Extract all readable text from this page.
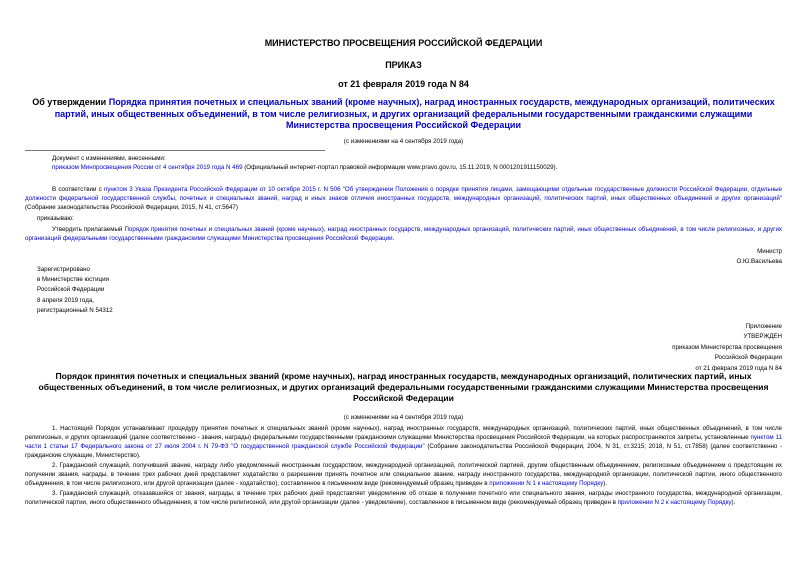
МИНИСТЕРСТВО ПРОСВЕЩЕНИЯ РОССИЙСКОЙ ФЕДЕРАЦИИ
ПРИКАЗ
от 21 февраля 2019 года N 84
Об утверждении Порядка принятия почетных и специальных званий (кроме научных), наград иностранных государств, международных организаций, политических партий, иных общественных объединений, в том числе религиозных, и других организаций федеральными государственными гражданскими служащими Министерства просвещения Российской Федерации
(с изменениями на 4 сентября 2019 года)
Документ с изменениями, внесенными:
приказом Минпросвещения России от 4 сентября 2019 года N 469 (Официальный интернет-портал правовой информации www.pravo.gov.ru, 15.11.2019, N 0001201911150029).
В соответствии с пунктом 3 Указа Президента Российской Федерации от 10 октября 2015 г. N 506 "Об утверждении Положения о порядке принятия лицами, замещающими отдельные государственные должности Российской Федерации, отдельные должности федеральной государственной службы, почетных и специальных званий, наград и иных знаков отличия иностранных государств, международных организаций, политических партий, иных общественных объединений и других организаций" (Собрание законодательства Российской Федерации, 2015, N 41, ст.5647)
приказываю:
Утвердить прилагаемый Порядок принятия почетных и специальных званий (кроме научных), наград иностранных государств, международных организаций, политических партий, иных общественных объединений, в том числе религиозных, и других организаций федеральными государственными гражданскими служащими Министерства просвещения Российской Федерации.
Министр
О.Ю.Васильева
Зарегистрировано
в Министерстве юстиции
Российской Федерации
8 апреля 2019 года,
регистрационный N 54312
Приложение
УТВЕРЖДЕН
приказом Министерства просвещения
Российской Федерации
от 21 февраля 2019 года N 84
Порядок принятия почетных и специальных званий (кроме научных), наград иностранных государств, международных организаций, политических партий, иных общественных объединений, в том числе религиозных, и других организаций федеральными государственными гражданскими служащими Министерства просвещения Российской Федерации
(с изменениями на 4 сентября 2019 года)

1. Настоящий Порядок устанавливает процедуру принятия почетных и специальных званий (кроме научных), наград иностранных государств, международных организаций, политических партий, иных общественных объединений, в том числе религиозных, и других организаций (далее соответственно - звания, награды) федеральными государственными гражданскими служащими Министерства просвещения Российской Федерации, на которых распространяются запреты, установленные пунктом 11 части 1 статьи 17 Федерального закона от 27 июля 2004 г. N 79-ФЗ "О государственной гражданской службе Российской Федерации" (Собрание законодательства Российской Федерации, 2004, N 31, ст.3215; 2018, N 51, ст.7858) (далее соответственно - гражданские служащие, Министерство).

2. Гражданский служащий, получивший звание, награду либо уведомленный иностранным государством, международной организацией, политической партией, другим общественным объединением, религиозным объединением о предстоящем их получении звания, награды, в течение трех рабочих дней представляет ходатайство о разрешении принять почетное или специальное звание, награду иностранного государства, международной организации, политической партии, иного общественного объединения, в том числе религиозного, или другой организации (далее - ходатайство), составленное в письменном виде (рекомендуемый образец приведен в приложении N 1 к настоящему Порядку).

3. Гражданский служащий, отказавшийся от звания, награды, в течение трех рабочих дней представляет уведомление об отказе в получении почетного или специального звания, награды иностранного государства, международной организации, политической партии, иного общественного объединения, в том числе религиозной, или другой организации (далее - уведомление), составленное в письменном виде (рекомендуемый образец приведен в приложении N 2 к настоящему Порядку).
